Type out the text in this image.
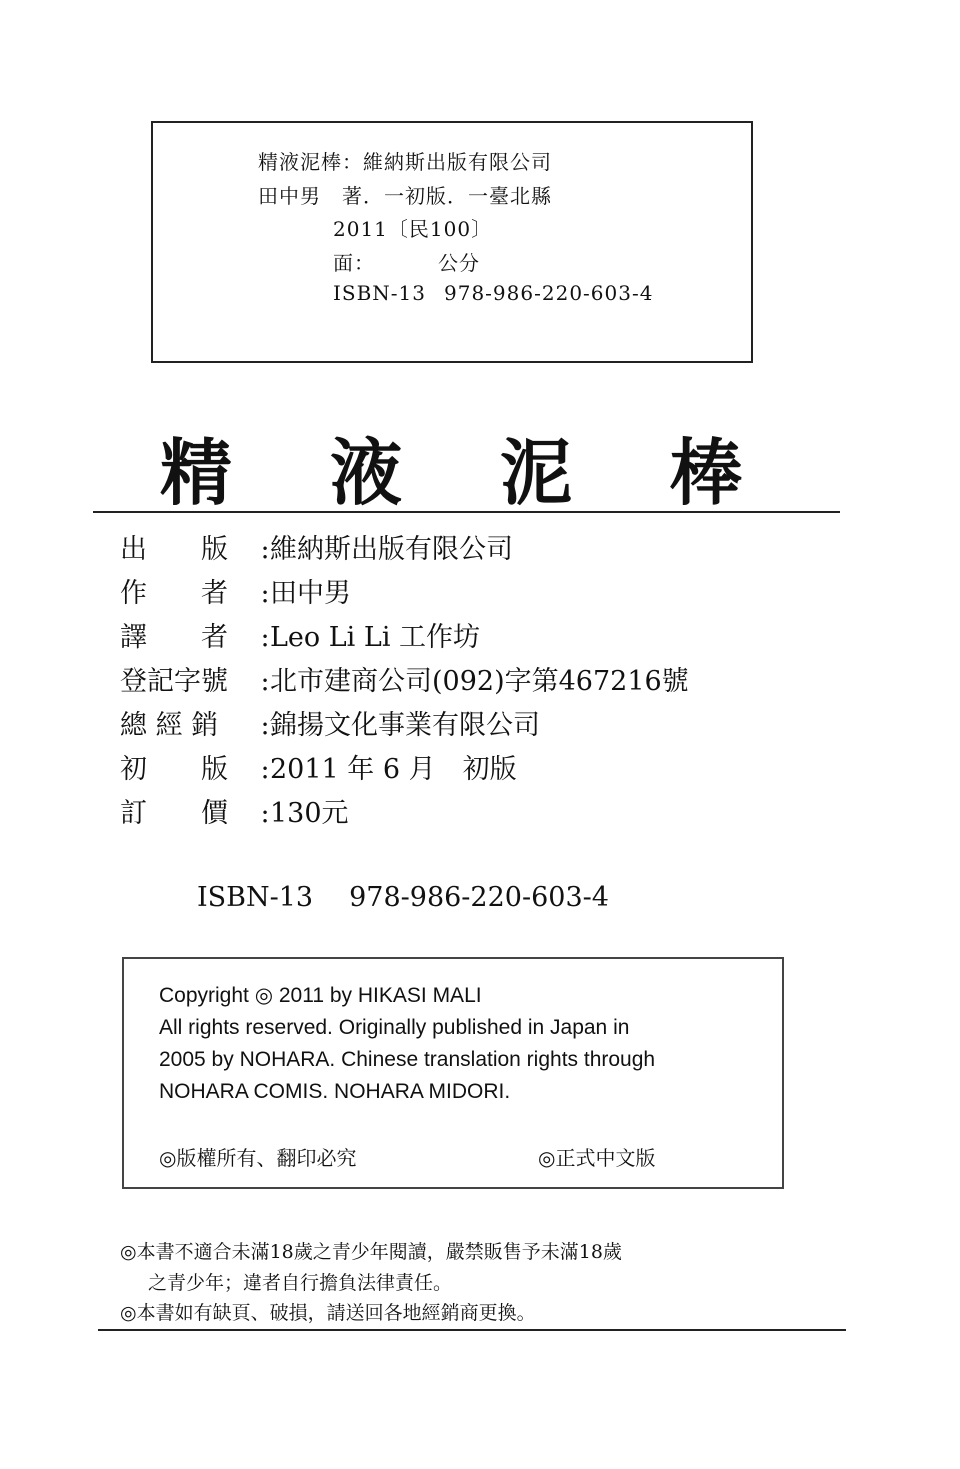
精液泥棒：維納斯出版有限公司
田中男　著．一初版．一臺北縣
2011〔民100〕
面：	公分
ISBN-13 978-986-220-603-4
精液泥棒
出　　版 :維納斯出版有限公司
作　　者 :田中男
譯　　者 :Leo Li Li 工作坊
登記字號 :北市建商公司(092)字第467216號
總 經 銷 :錦揚文化事業有限公司
初　　版 :2011 年 6 月　初版
訂　　價 :130元
ISBN-13 978-986-220-603-4
Copyright ◎ 2011 by HIKASI MALI
All rights reserved. Originally published in Japan in
2005 by NOHARA. Chinese translation rights through
NOHARA COMIS. NOHARA MIDORI.
◎版權所有、翻印必究	◎正式中文版
◎本書不適合未滿18歲之青少年閱讀，嚴禁販售予未滿18歲
之青少年；違者自行擔負法律責任。
◎本書如有缺頁、破損，請送回各地經銷商更換。
